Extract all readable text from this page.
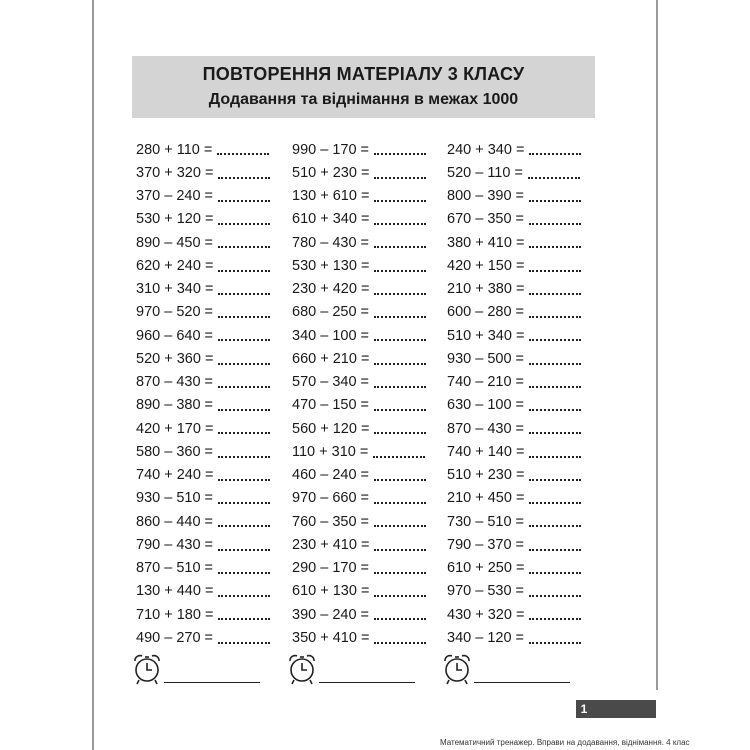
ПОВТОРЕННЯ МАТЕРІАЛУ 3 КЛАСУ
Додавання та віднімання в межах 1000
280 + 110 =
370 + 320 =
370 – 240 =
530 + 120 =
890 – 450 =
620 + 240 =
310 + 340 =
970 – 520 =
960 – 640 =
520 + 360 =
870 – 430 =
890 – 380 =
420 + 170 =
580 – 360 =
740 + 240 =
930 – 510 =
860 – 440 =
790 – 430 =
870 – 510 =
130 + 440 =
710 + 180 =
490 – 270 =
990 – 170 =
510 + 230 =
130 + 610 =
610 + 340 =
780 – 430 =
530 + 130 =
230 + 420 =
680 – 250 =
340 – 100 =
660 + 210 =
570 – 340 =
470 – 150 =
560 + 120 =
110 + 310 =
460 – 240 =
970 – 660 =
760 – 350 =
230 + 410 =
290 – 170 =
610 + 130 =
390 – 240 =
350 + 410 =
240 + 340 =
520 – 110 =
800 – 390 =
670 – 350 =
380 + 410 =
420 + 150 =
210 + 380 =
600 – 280 =
510 + 340 =
930 – 500 =
740 – 210 =
630 – 100 =
870 – 430 =
740 + 140 =
510 + 230 =
210 + 450 =
730 – 510 =
790 – 370 =
610 + 250 =
970 – 530 =
430 + 320 =
340 – 120 =
1
Математичний тренажер. Вправи на додавання, віднімання. 4 клас
